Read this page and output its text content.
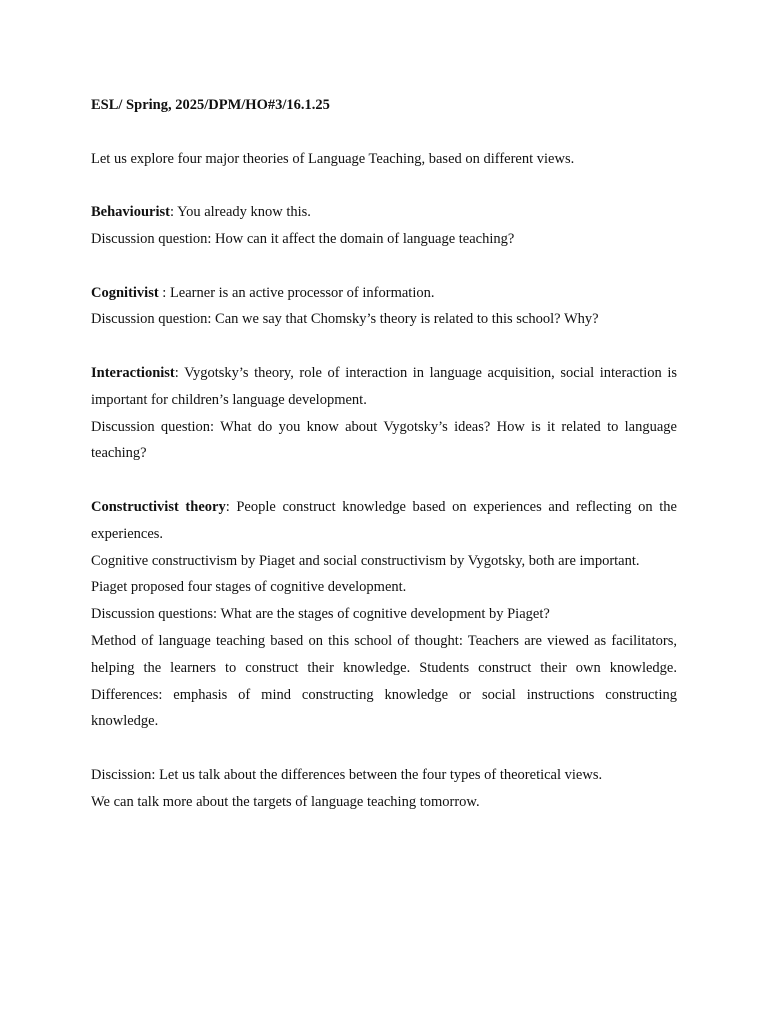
ESL/ Spring, 2025/DPM/HO#3/16.1.25
Let us explore four major theories of Language Teaching, based on different views.
Behaviourist: You already know this.
Discussion question: How can it affect the domain of language teaching?
Cognitivist : Learner is an active processor of information.
Discussion question: Can we say that Chomsky’s theory is related to this school? Why?
Interactionist: Vygotsky’s theory, role of interaction in language acquisition, social interaction is important for children’s language development.
Discussion question: What do you know about Vygotsky’s ideas? How is it related to language teaching?
Constructivist theory: People construct knowledge based on experiences and reflecting on the experiences.
Cognitive constructivism by Piaget and social constructivism by Vygotsky, both are important.
Piaget proposed four stages of cognitive development.
Discussion questions: What are the stages of cognitive development by Piaget?
Method of language teaching based on this school of thought: Teachers are viewed as facilitators, helping the learners to construct their knowledge. Students construct their own knowledge. Differences: emphasis of mind constructing knowledge or social instructions constructing knowledge.
Discission: Let us talk about the differences between the four types of theoretical views.
We can talk more about the targets of language teaching tomorrow.
